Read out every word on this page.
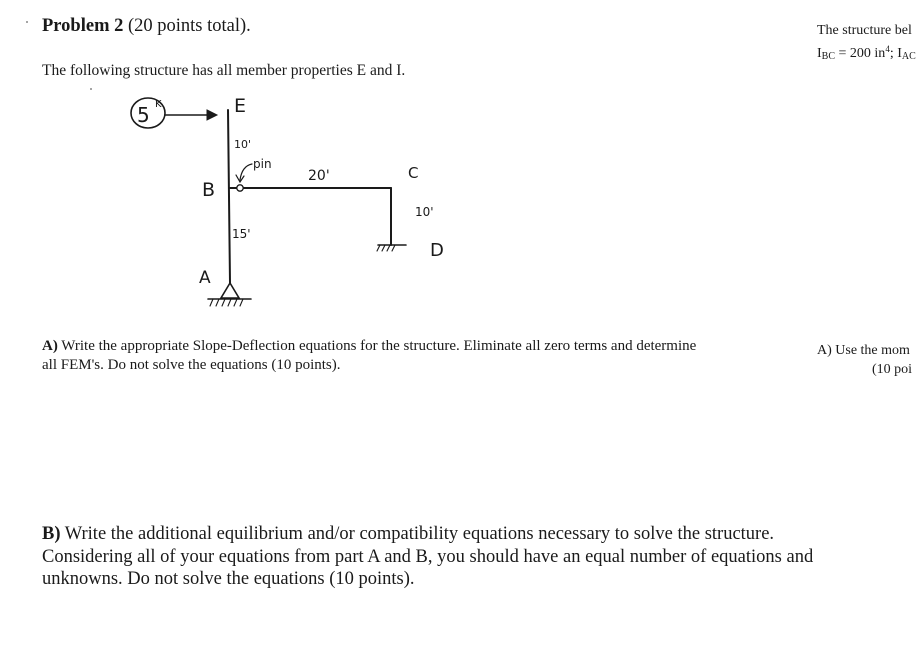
Problem 2 (20 points total).
The following structure has all member properties E and I.
The structure bel
$I_{BC} = 200$ $in^4$; $I_{AC}$
5 K	E
10'
pin
B
20'	C
15'
10'
D
A
A) Write the appropriate Slope-Deflection equations for the structure. Eliminate all zero terms and determine
all FEM's. Do not solve the equations (10 points).
A) Use the mom
(10 poi
B) Write the additional equilibrium and/or compatibility equations necessary to solve the structure.
Considering all of your equations from part A and B, you should have an equal number of equations and
unknowns. Do not solve the equations (10 points).
